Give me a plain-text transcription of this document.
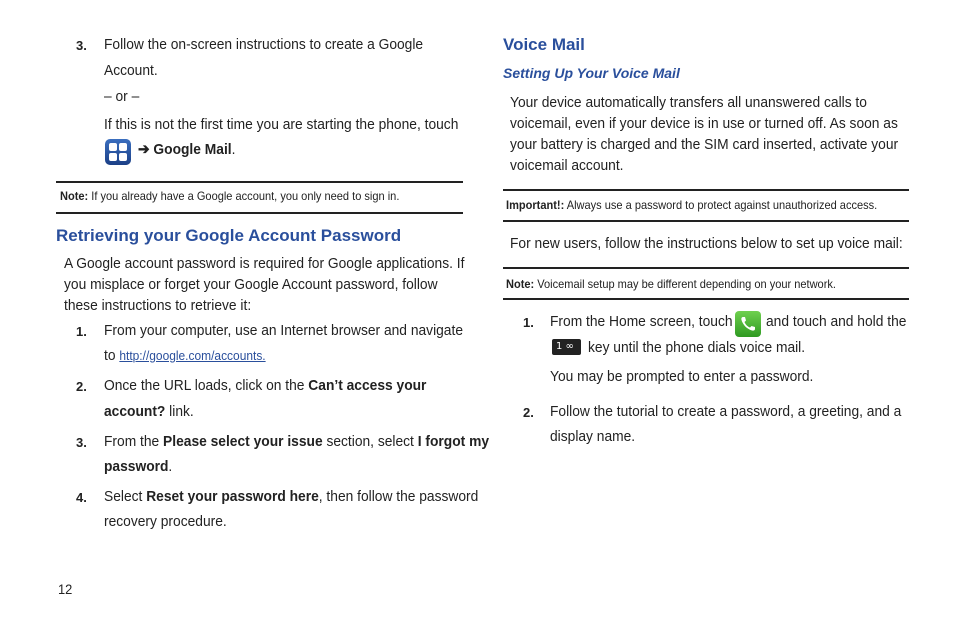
3. Follow the on-screen instructions to create a Google
Account.
– or –
If this is not the first time you are starting the phone, touch
➔ Google Mail.
Note: If you already have a Google account, you only need to sign in.
Retrieving your Google Account Password
A Google account password is required for Google applications. If
you misplace or forget your Google Account password, follow
these instructions to retrieve it:
1. From your computer, use an Internet browser and navigate
to http://google.com/accounts.
2. Once the URL loads, click on the Can’t access your
account? link.
3. From the Please select your issue section, select I forgot my
password.
4. Select Reset your password here, then follow the password
recovery procedure.
12
Voice Mail
Setting Up Your Voice Mail
Your device automatically transfers all unanswered calls to
voicemail, even if your device is in use or turned off. As soon as
your battery is charged and the SIM card inserted, activate your
voicemail account.
Important!: Always use a password to protect against unauthorized access.
For new users, follow the instructions below to set up voice mail:
Note: Voicemail setup may be different depending on your network.
1. From the Home screen, touch and touch and hold the
1 ∞ key until the phone dials voice mail.
You may be prompted to enter a password.
2. Follow the tutorial to create a password, a greeting, and a
display name.
